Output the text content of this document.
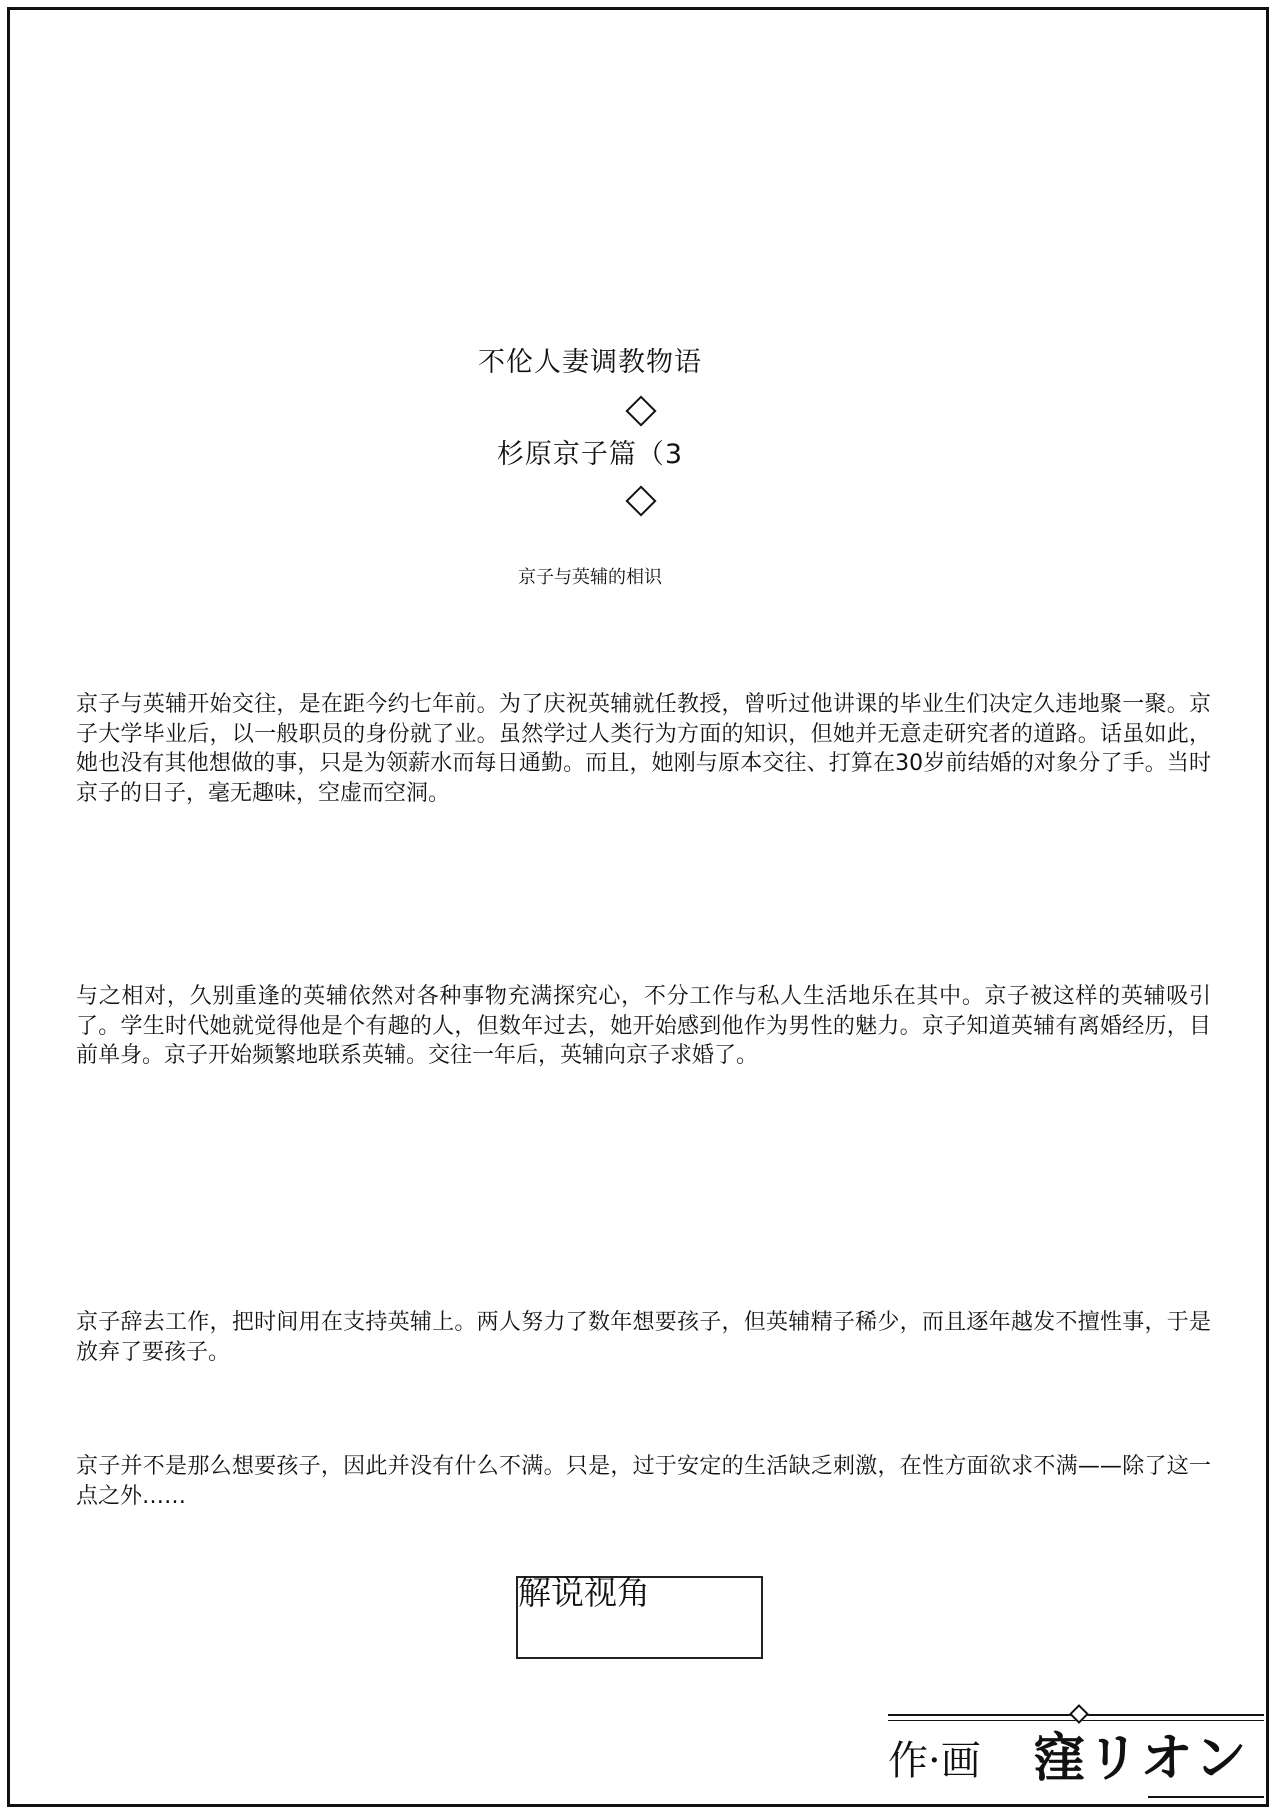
不伦人妻调教物语
杉原京子篇（3
京子与英辅的相识

京子与英辅开始交往，是在距今约七年前。为了庆祝英辅就任教授，曾听过他讲课的毕业生们决定久违地聚一聚。京子大学毕业后，以一般职员的身份就了业。虽然学过人类行为方面的知识，但她并无意走研究者的道路。话虽如此，她也没有其他想做的事，只是为领薪水而每日通勤。而且，她刚与原本交往、打算在30岁前结婚的对象分了手。当时京子的日子，毫无趣味，空虚而空洞。

与之相对，久别重逢的英辅依然对各种事物充满探究心，不分工作与私人生活地乐在其中。京子被这样的英辅吸引了。学生时代她就觉得他是个有趣的人，但数年过去，她开始感到他作为男性的魅力。京子知道英辅有离婚经历，目前单身。京子开始频繁地联系英辅。交往一年后，英辅向京子求婚了。

京子辞去工作，把时间用在支持英辅上。两人努力了数年想要孩子，但英辅精子稀少，而且逐年越发不擅性事，于是放弃了要孩子。

京子并不是那么想要孩子，因此并没有什么不满。只是，过于安定的生活缺乏刺激，在性方面欲求不满——除了这一点之外……

解说视角
作·画 窪リオン
